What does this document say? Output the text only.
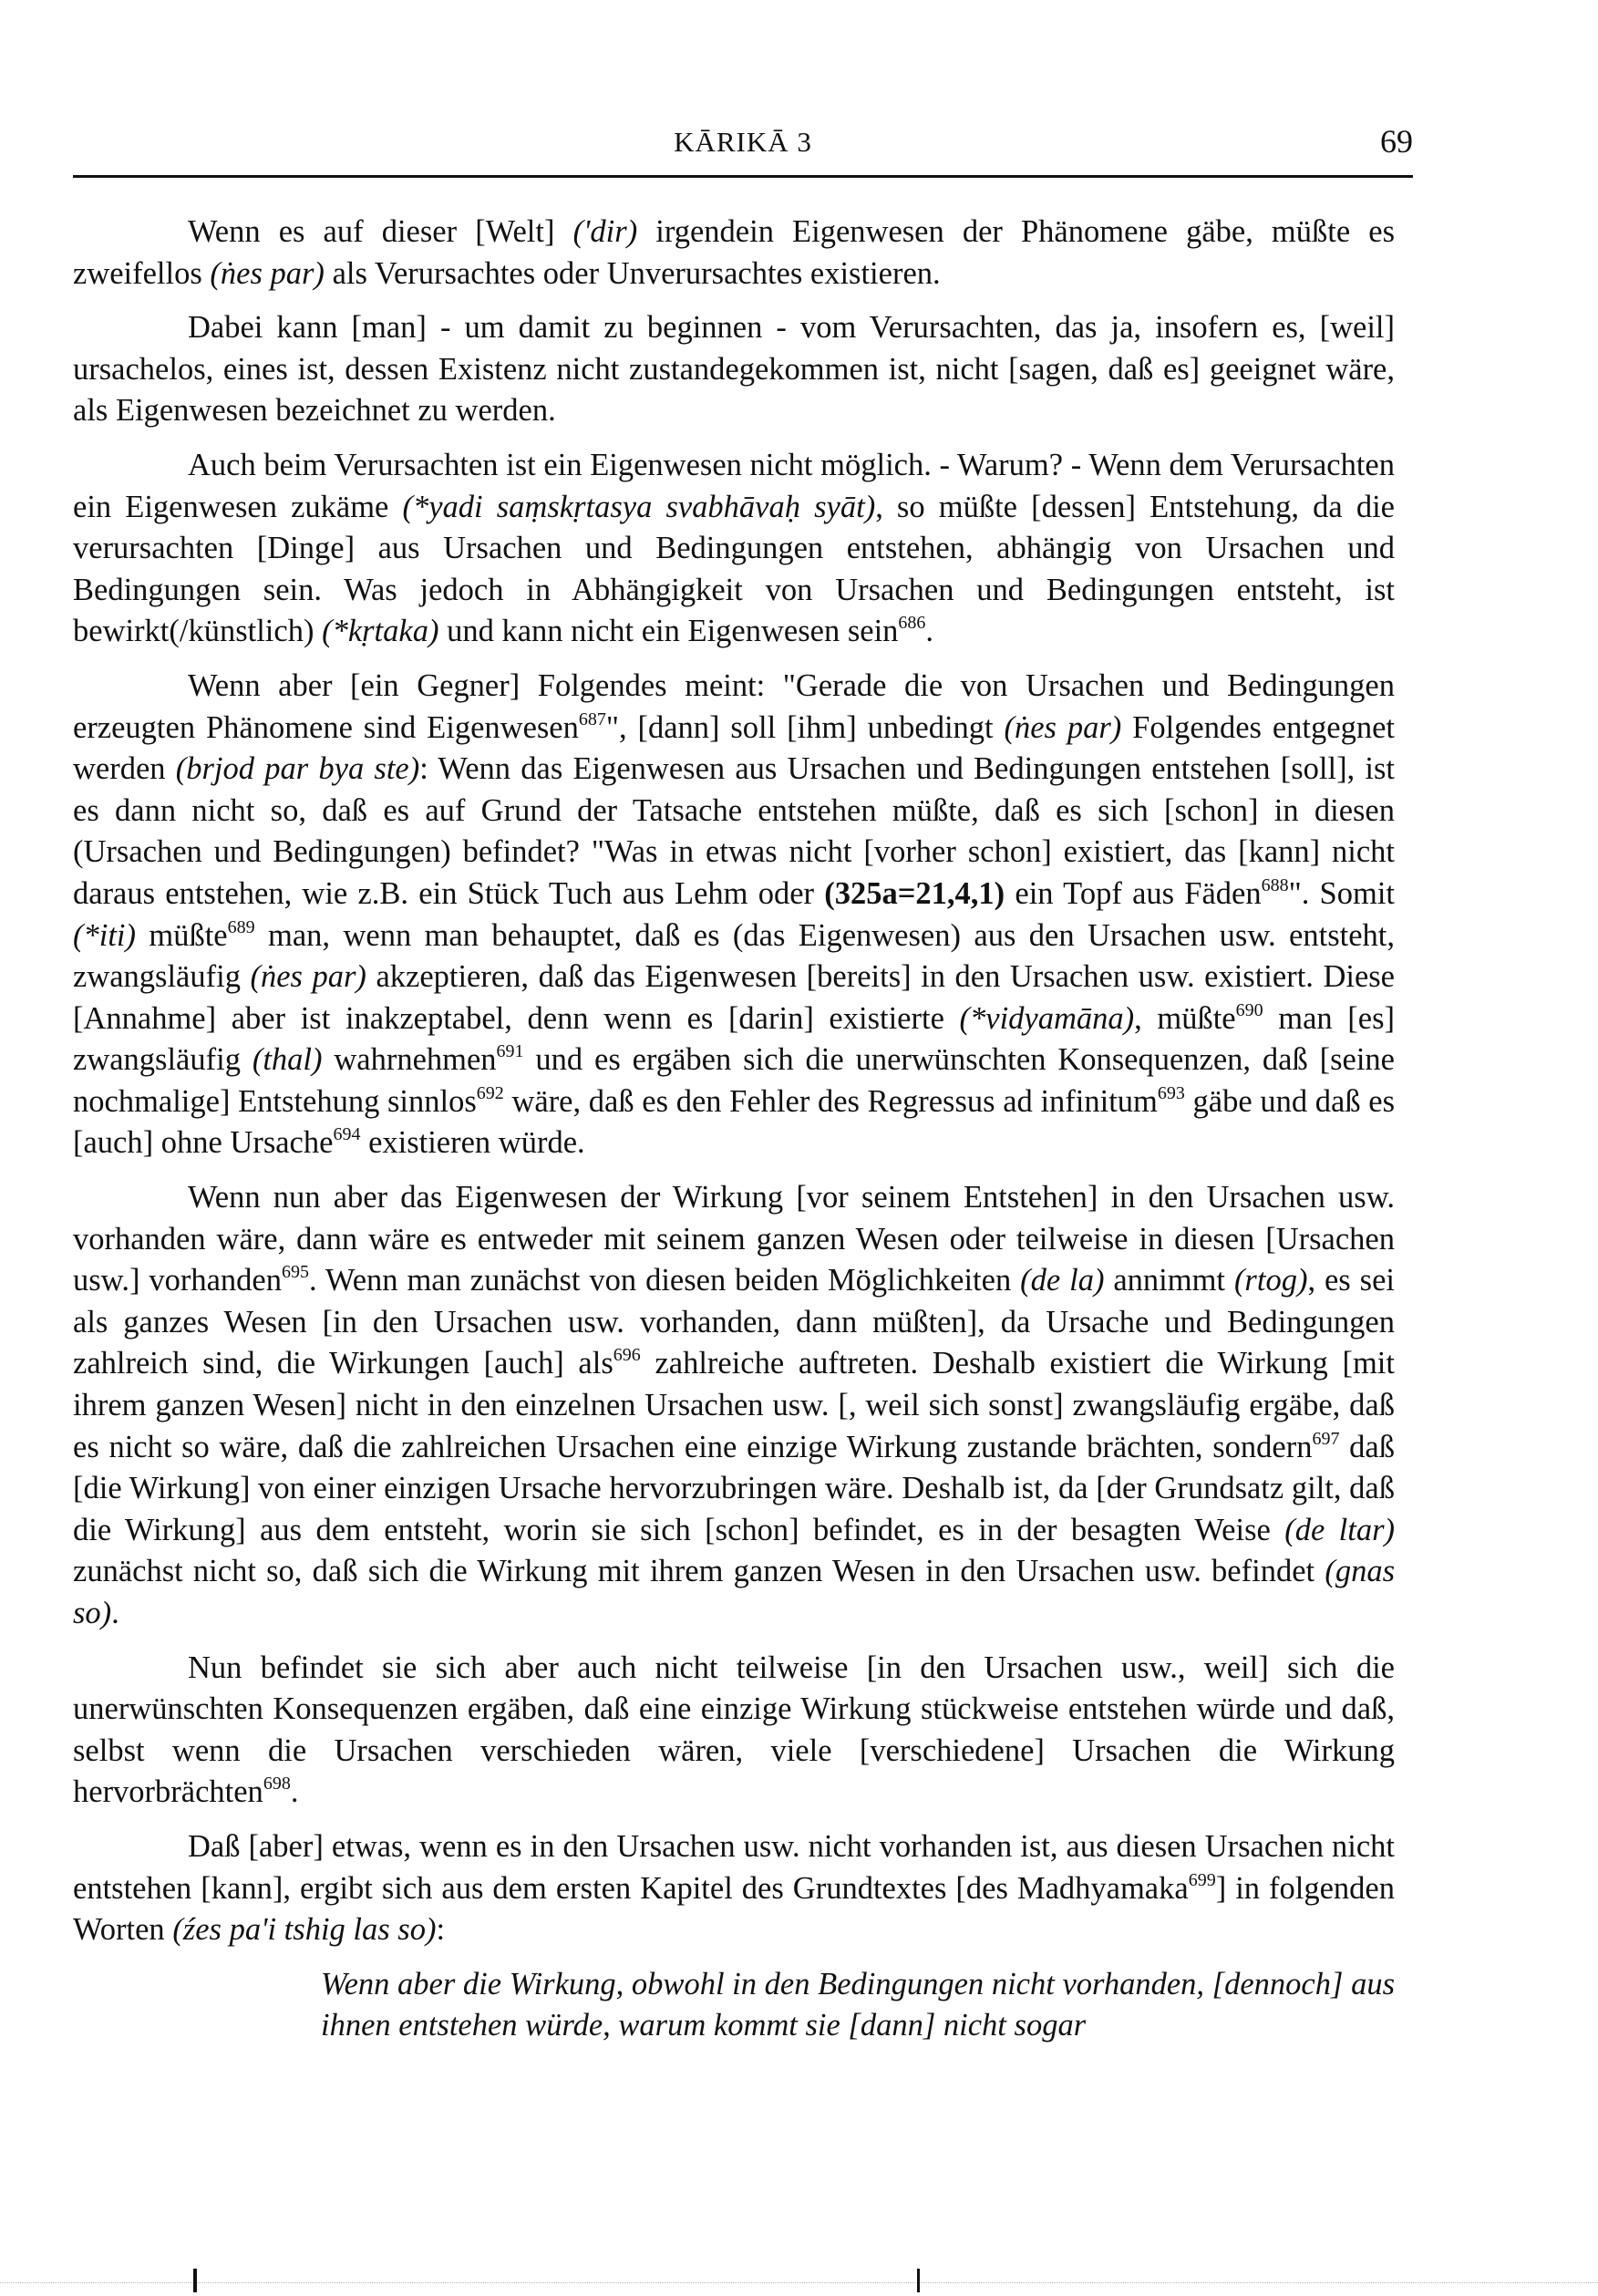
KĀRIKĀ 3	69

Wenn es auf dieser [Welt] ('dir) irgendein Eigenwesen der Phänomene gäbe, müßte es zweifellos (ṅes par) als Verursachtes oder Unverursachtes existieren.

Dabei kann [man] - um damit zu beginnen - vom Verursachten, das ja, insofern es, [weil] ursachelos, eines ist, dessen Existenz nicht zustandegekommen ist, nicht [sagen, daß es] geeignet wäre, als Eigenwesen bezeichnet zu werden.

Auch beim Verursachten ist ein Eigenwesen nicht möglich. - Warum? - Wenn dem Verursachten ein Eigenwesen zukäme (*yadi saṃskṛtasya svabhāvaḥ syāt), so müßte [dessen] Entstehung, da die verursachten [Dinge] aus Ursachen und Bedingungen entstehen, abhängig von Ursachen und Bedingungen sein. Was jedoch in Abhängigkeit von Ursachen und Bedingungen entsteht, ist bewirkt(/künstlich) (*kṛtaka) und kann nicht ein Eigenwesen sein$^{686}$.

Wenn aber [ein Gegner] Folgendes meint: "Gerade die von Ursachen und Bedingungen erzeugten Phänomene sind Eigenwesen$^{687}$", [dann] soll [ihm] unbedingt (ṅes par) Folgendes entgegnet werden (brjod par bya ste): Wenn das Eigenwesen aus Ursachen und Bedingungen entstehen [soll], ist es dann nicht so, daß es auf Grund der Tatsache entstehen müßte, daß es sich [schon] in diesen (Ursachen und Bedingungen) befindet? "Was in etwas nicht [vorher schon] existiert, das [kann] nicht daraus entstehen, wie z.B. ein Stück Tuch aus Lehm oder (325a=21,4,1) ein Topf aus Fäden$^{688}$". Somit (*iti) müßte$^{689}$ man, wenn man behauptet, daß es (das Eigenwesen) aus den Ursachen usw. entsteht, zwangsläufig (ṅes par) akzeptieren, daß das Eigenwesen [bereits] in den Ursachen usw. existiert. Diese [Annahme] aber ist inakzeptabel, denn wenn es [darin] existierte (*vidyamāna), müßte$^{690}$ man [es] zwangsläufig (thal) wahrnehmen$^{691}$ und es ergäben sich die unerwünschten Konsequenzen, daß [seine nochmalige] Entstehung sinnlos$^{692}$ wäre, daß es den Fehler des Regressus ad infinitum$^{693}$ gäbe und daß es [auch] ohne Ursache$^{694}$ existieren würde.

Wenn nun aber das Eigenwesen der Wirkung [vor seinem Entstehen] in den Ursachen usw. vorhanden wäre, dann wäre es entweder mit seinem ganzen Wesen oder teilweise in diesen [Ursachen usw.] vorhanden$^{695}$. Wenn man zunächst von diesen beiden Möglichkeiten (de la) annimmt (rtog), es sei als ganzes Wesen [in den Ursachen usw. vorhanden, dann müßten], da Ursache und Bedingungen zahlreich sind, die Wirkungen [auch] als$^{696}$ zahlreiche auftreten. Deshalb existiert die Wirkung [mit ihrem ganzen Wesen] nicht in den einzelnen Ursachen usw. [, weil sich sonst] zwangsläufig ergäbe, daß es nicht so wäre, daß die zahlreichen Ursachen eine einzige Wirkung zustande brächten, sondern$^{697}$ daß [die Wirkung] von einer einzigen Ursache hervorzubringen wäre. Deshalb ist, da [der Grundsatz gilt, daß die Wirkung] aus dem entsteht, worin sie sich [schon] befindet, es in der besagten Weise (de ltar) zunächst nicht so, daß sich die Wirkung mit ihrem ganzen Wesen in den Ursachen usw. befindet (gnas so).

Nun befindet sie sich aber auch nicht teilweise [in den Ursachen usw., weil] sich die unerwünschten Konsequenzen ergäben, daß eine einzige Wirkung stückweise entstehen würde und daß, selbst wenn die Ursachen verschieden wären, viele [verschiedene] Ursachen die Wirkung hervorbrächten$^{698}$.

Daß [aber] etwas, wenn es in den Ursachen usw. nicht vorhanden ist, aus diesen Ursachen nicht entstehen [kann], ergibt sich aus dem ersten Kapitel des Grundtextes [des Madhyamaka$^{699}$] in folgenden Worten (źes pa'i tshig las so):

Wenn aber die Wirkung, obwohl in den Bedingungen nicht vorhanden, [dennoch] aus ihnen entstehen würde, warum kommt sie [dann] nicht sogar
